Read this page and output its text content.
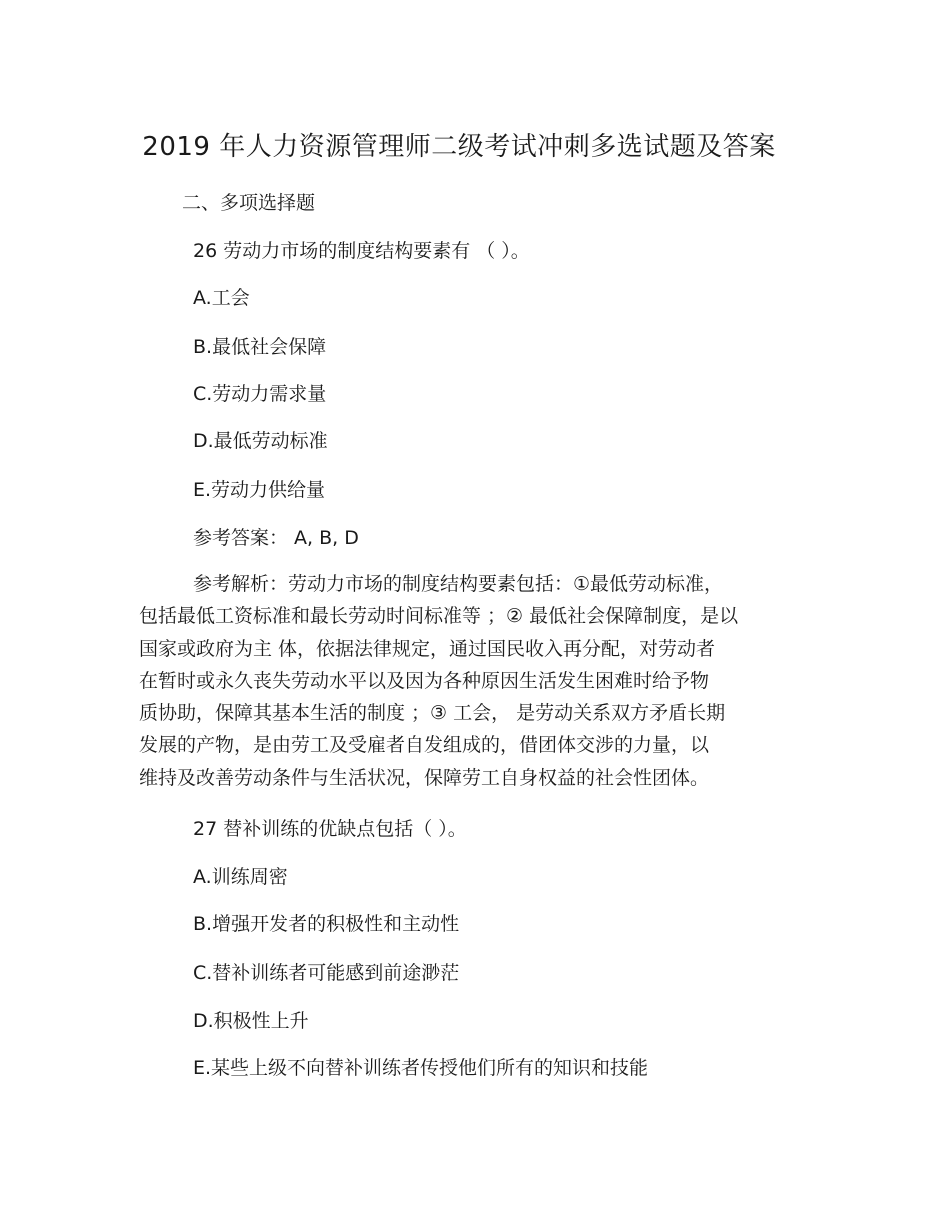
2019 年人力资源管理师二级考试冲刺多选试题及答案
二、多项选择题
26 劳动力市场的制度结构要素有 （ ）。
A.工会
B.最低社会保障
C.劳动力需求量
D.最低劳动标准
E.劳动力供给量
参考答案： A, B, D
参考解析：劳动力市场的制度结构要素包括：①最低劳动标准，
包括最低工资标准和最长劳动时间标准等 ；② 最低社会保障制度，是以
国家或政府为主 体，依据法律规定，通过国民收入再分配，对劳动者
在暂时或永久丧失劳动水平以及因为各种原因生活发生困难时给予物
质协助，保障其基本生活的制度 ；③ 工会， 是劳动关系双方矛盾长期
发展的产物，是由劳工及受雇者自发组成的，借团体交涉的力量，以
维持及改善劳动条件与生活状况，保障劳工自身权益的社会性团体。
27 替补训练的优缺点包括（ ）。
A.训练周密
B.增强开发者的积极性和主动性
C.替补训练者可能感到前途渺茫
D.积极性上升
E.某些上级不向替补训练者传授他们所有的知识和技能
